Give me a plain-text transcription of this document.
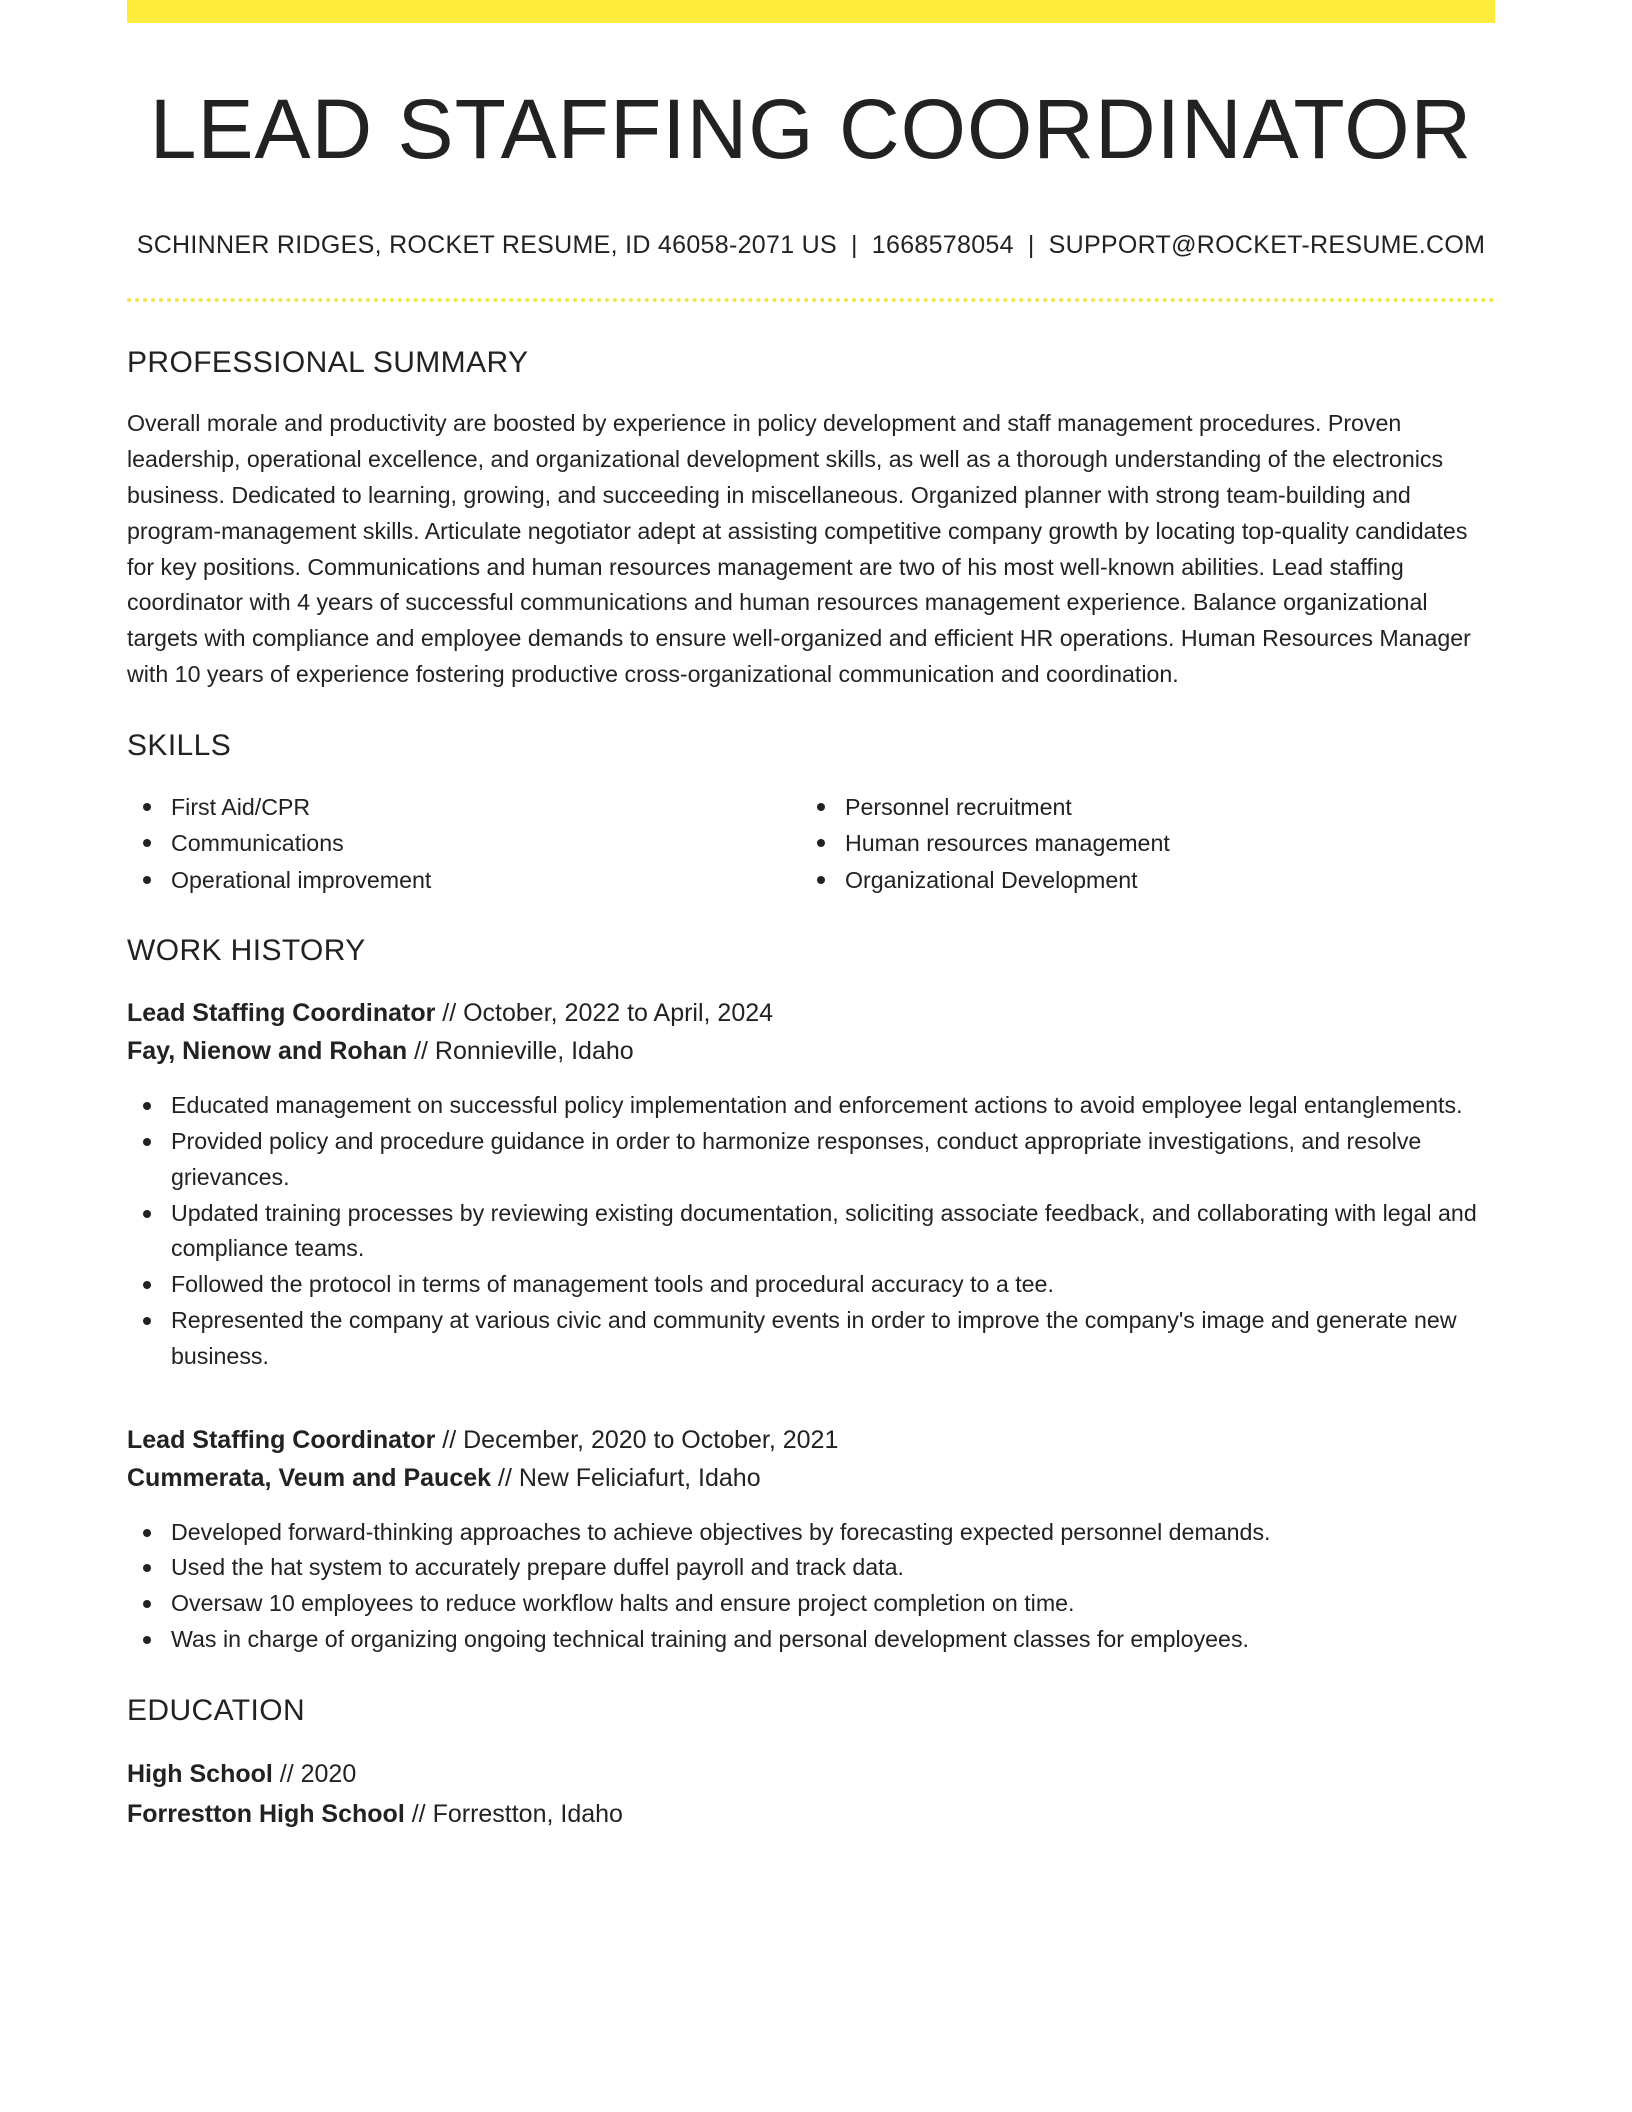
LEAD STAFFING COORDINATOR
SCHINNER RIDGES, ROCKET RESUME, ID 46058-2071 US | 1668578054 | SUPPORT@ROCKET-RESUME.COM
PROFESSIONAL SUMMARY

Overall morale and productivity are boosted by experience in policy development and staff management procedures. Proven leadership, operational excellence, and organizational development skills, as well as a thorough understanding of the electronics business. Dedicated to learning, growing, and succeeding in miscellaneous. Organized planner with strong team-building and program-management skills. Articulate negotiator adept at assisting competitive company growth by locating top-quality candidates for key positions. Communications and human resources management are two of his most well-known abilities. Lead staffing coordinator with 4 years of successful communications and human resources management experience. Balance organizational targets with compliance and employee demands to ensure well-organized and efficient HR operations. Human Resources Manager with 10 years of experience fostering productive cross-organizational communication and coordination.

SKILLS
First Aid/CPR
Communications
Operational improvement
Personnel recruitment
Human resources management
Organizational Development
WORK HISTORY
Lead Staffing Coordinator // October, 2022 to April, 2024
Fay, Nienow and Rohan // Ronnieville, Idaho
Educated management on successful policy implementation and enforcement actions to avoid employee legal entanglements.
Provided policy and procedure guidance in order to harmonize responses, conduct appropriate investigations, and resolve grievances.
Updated training processes by reviewing existing documentation, soliciting associate feedback, and collaborating with legal and compliance teams.
Followed the protocol in terms of management tools and procedural accuracy to a tee.
Represented the company at various civic and community events in order to improve the company's image and generate new business.
Lead Staffing Coordinator // December, 2020 to October, 2021
Cummerata, Veum and Paucek // New Feliciafurt, Idaho
Developed forward-thinking approaches to achieve objectives by forecasting expected personnel demands.
Used the hat system to accurately prepare duffel payroll and track data.
Oversaw 10 employees to reduce workflow halts and ensure project completion on time.
Was in charge of organizing ongoing technical training and personal development classes for employees.
EDUCATION
High School // 2020
Forrestton High School // Forrestton, Idaho
